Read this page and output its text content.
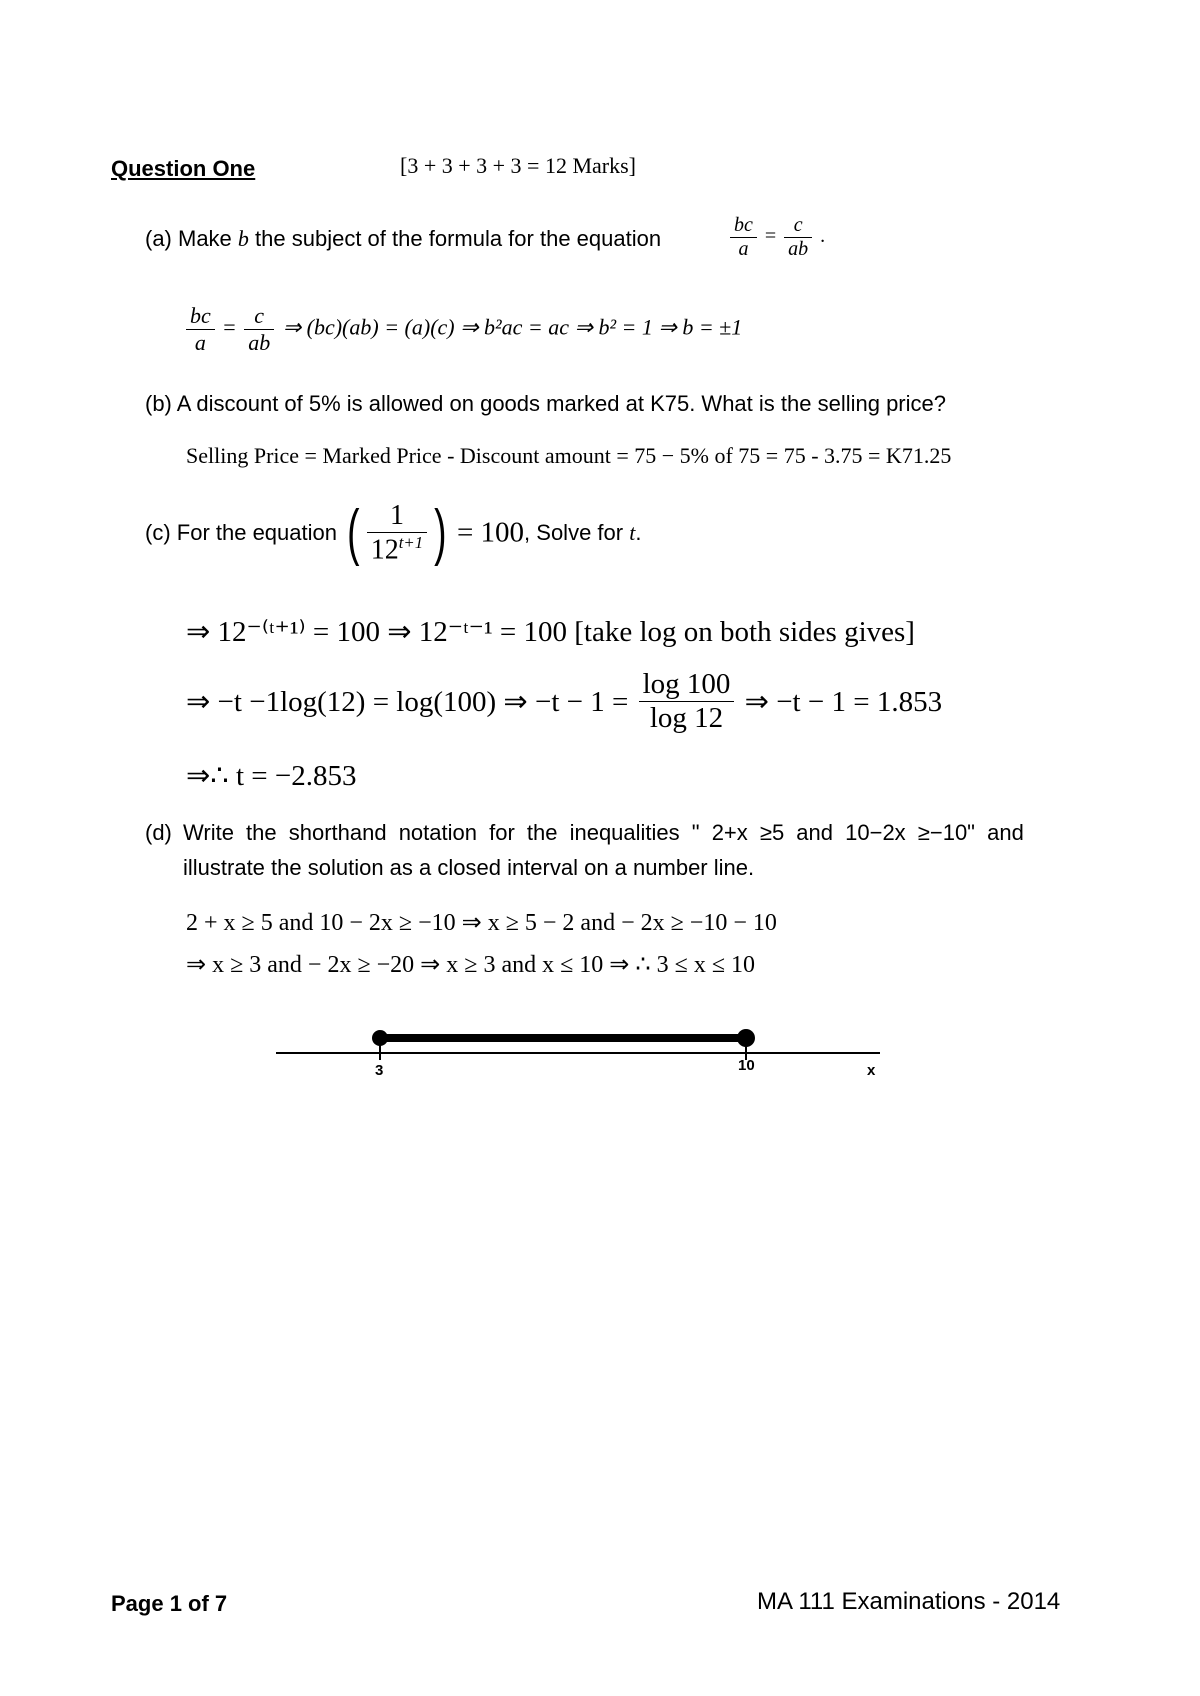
Question One	[3 + 3 + 3 + 3 = 12 Marks]
(a) Make b the subject of the formula for the equation	$\frac{bc}{a} = \frac{c}{ab}$ .
$\frac{bc}{a} = \frac{c}{ab}$ ⇒ (bc)(ab) = (a)(c) ⇒ b²ac = ac ⇒ b² = 1 ⇒ b = ±1
(b) A discount of 5% is allowed on goods marked at K75. What is the selling price?
Selling Price = Marked Price - Discount amount = 75 − 5% of 75 = 75 - 3.75 = K71.25
(c) For the equation ( $\frac{1}{12^{t+1}}$ ) = 100, Solve for t.
⇒ 12⁻⁽ᵗ⁺¹⁾ = 100 ⇒ 12⁻ᵗ⁻¹ = 100 [take log on both sides gives]
⇒ −t −1log(12) = log(100) ⇒ $-t - 1 = \frac{\log 100}{\log 12}$ ⇒ −t − 1 = 1.853
⇒∴ t = −2.853
(d) Write the shorthand notation for the inequalities " 2+x ≥5 and 10−2x ≥−10" and
illustrate the solution as a closed interval on a number line.
2 + x ≥ 5 and 10 − 2x ≥ −10 ⇒ x ≥ 5 − 2 and − 2x ≥ −10 − 10
⇒ x ≥ 3 and − 2x ≥ −20 ⇒ x ≥ 3 and x ≤ 10 ⇒ ∴ 3 ≤ x ≤ 10
3	10	x
Page 1 of 7	MA 111 Examinations - 2014
